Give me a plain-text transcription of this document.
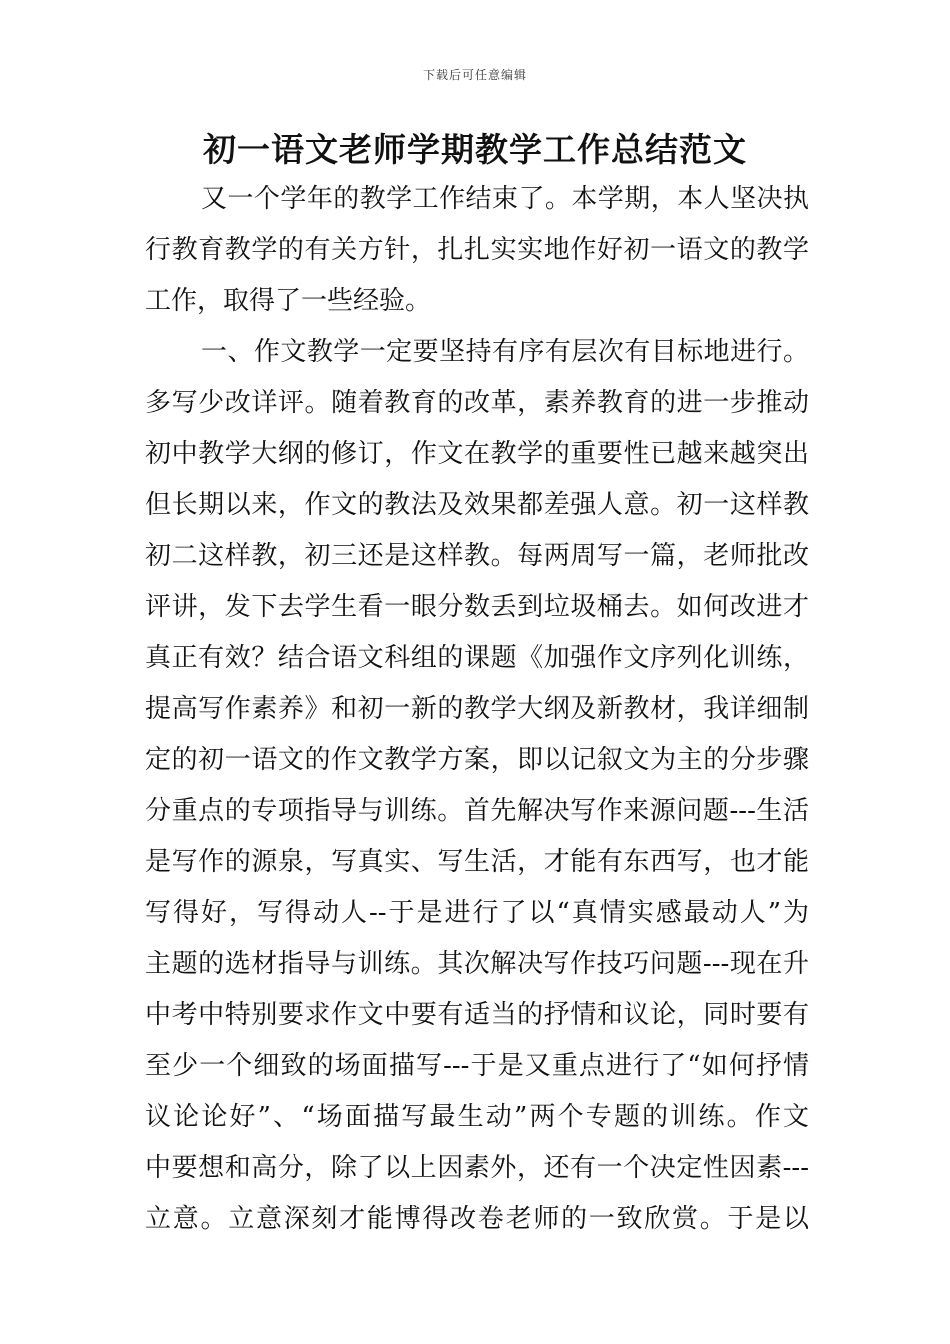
下载后可任意编辑
初一语文老师学期教学工作总结范文
又一个学年的教学工作结束了。本学期，本人坚决执
行教育教学的有关方针，扎扎实实地作好初一语文的教学
工作，取得了一些经验。
一、作文教学一定要坚持有序有层次有目标地进行。
多写少改详评。随着教育的改革，素养教育的进一步推动
初中教学大纲的修订，作文在教学的重要性已越来越突出
但长期以来，作文的教法及效果都差强人意。初一这样教
初二这样教，初三还是这样教。每两周写一篇，老师批改
评讲，发下去学生看一眼分数丢到垃圾桶去。如何改进才
真正有效？结合语文科组的课题《加强作文序列化训练，
提高写作素养》和初一新的教学大纲及新教材，我详细制
定的初一语文的作文教学方案，即以记叙文为主的分步骤
分重点的专项指导与训练。首先解决写作来源问题---生活
是写作的源泉，写真实、写生活，才能有东西写，也才能
写得好，写得动人--于是进行了以“真情实感最动人”为
主题的选材指导与训练。其次解决写作技巧问题---现在升
中考中特别要求作文中要有适当的抒情和议论，同时要有
至少一个细致的场面描写---于是又重点进行了“如何抒情
议论论好”、“场面描写最生动”两个专题的训练。作文
中要想和高分，除了以上因素外，还有一个决定性因素---
立意。立意深刻才能博得改卷老师的一致欣赏。于是以
